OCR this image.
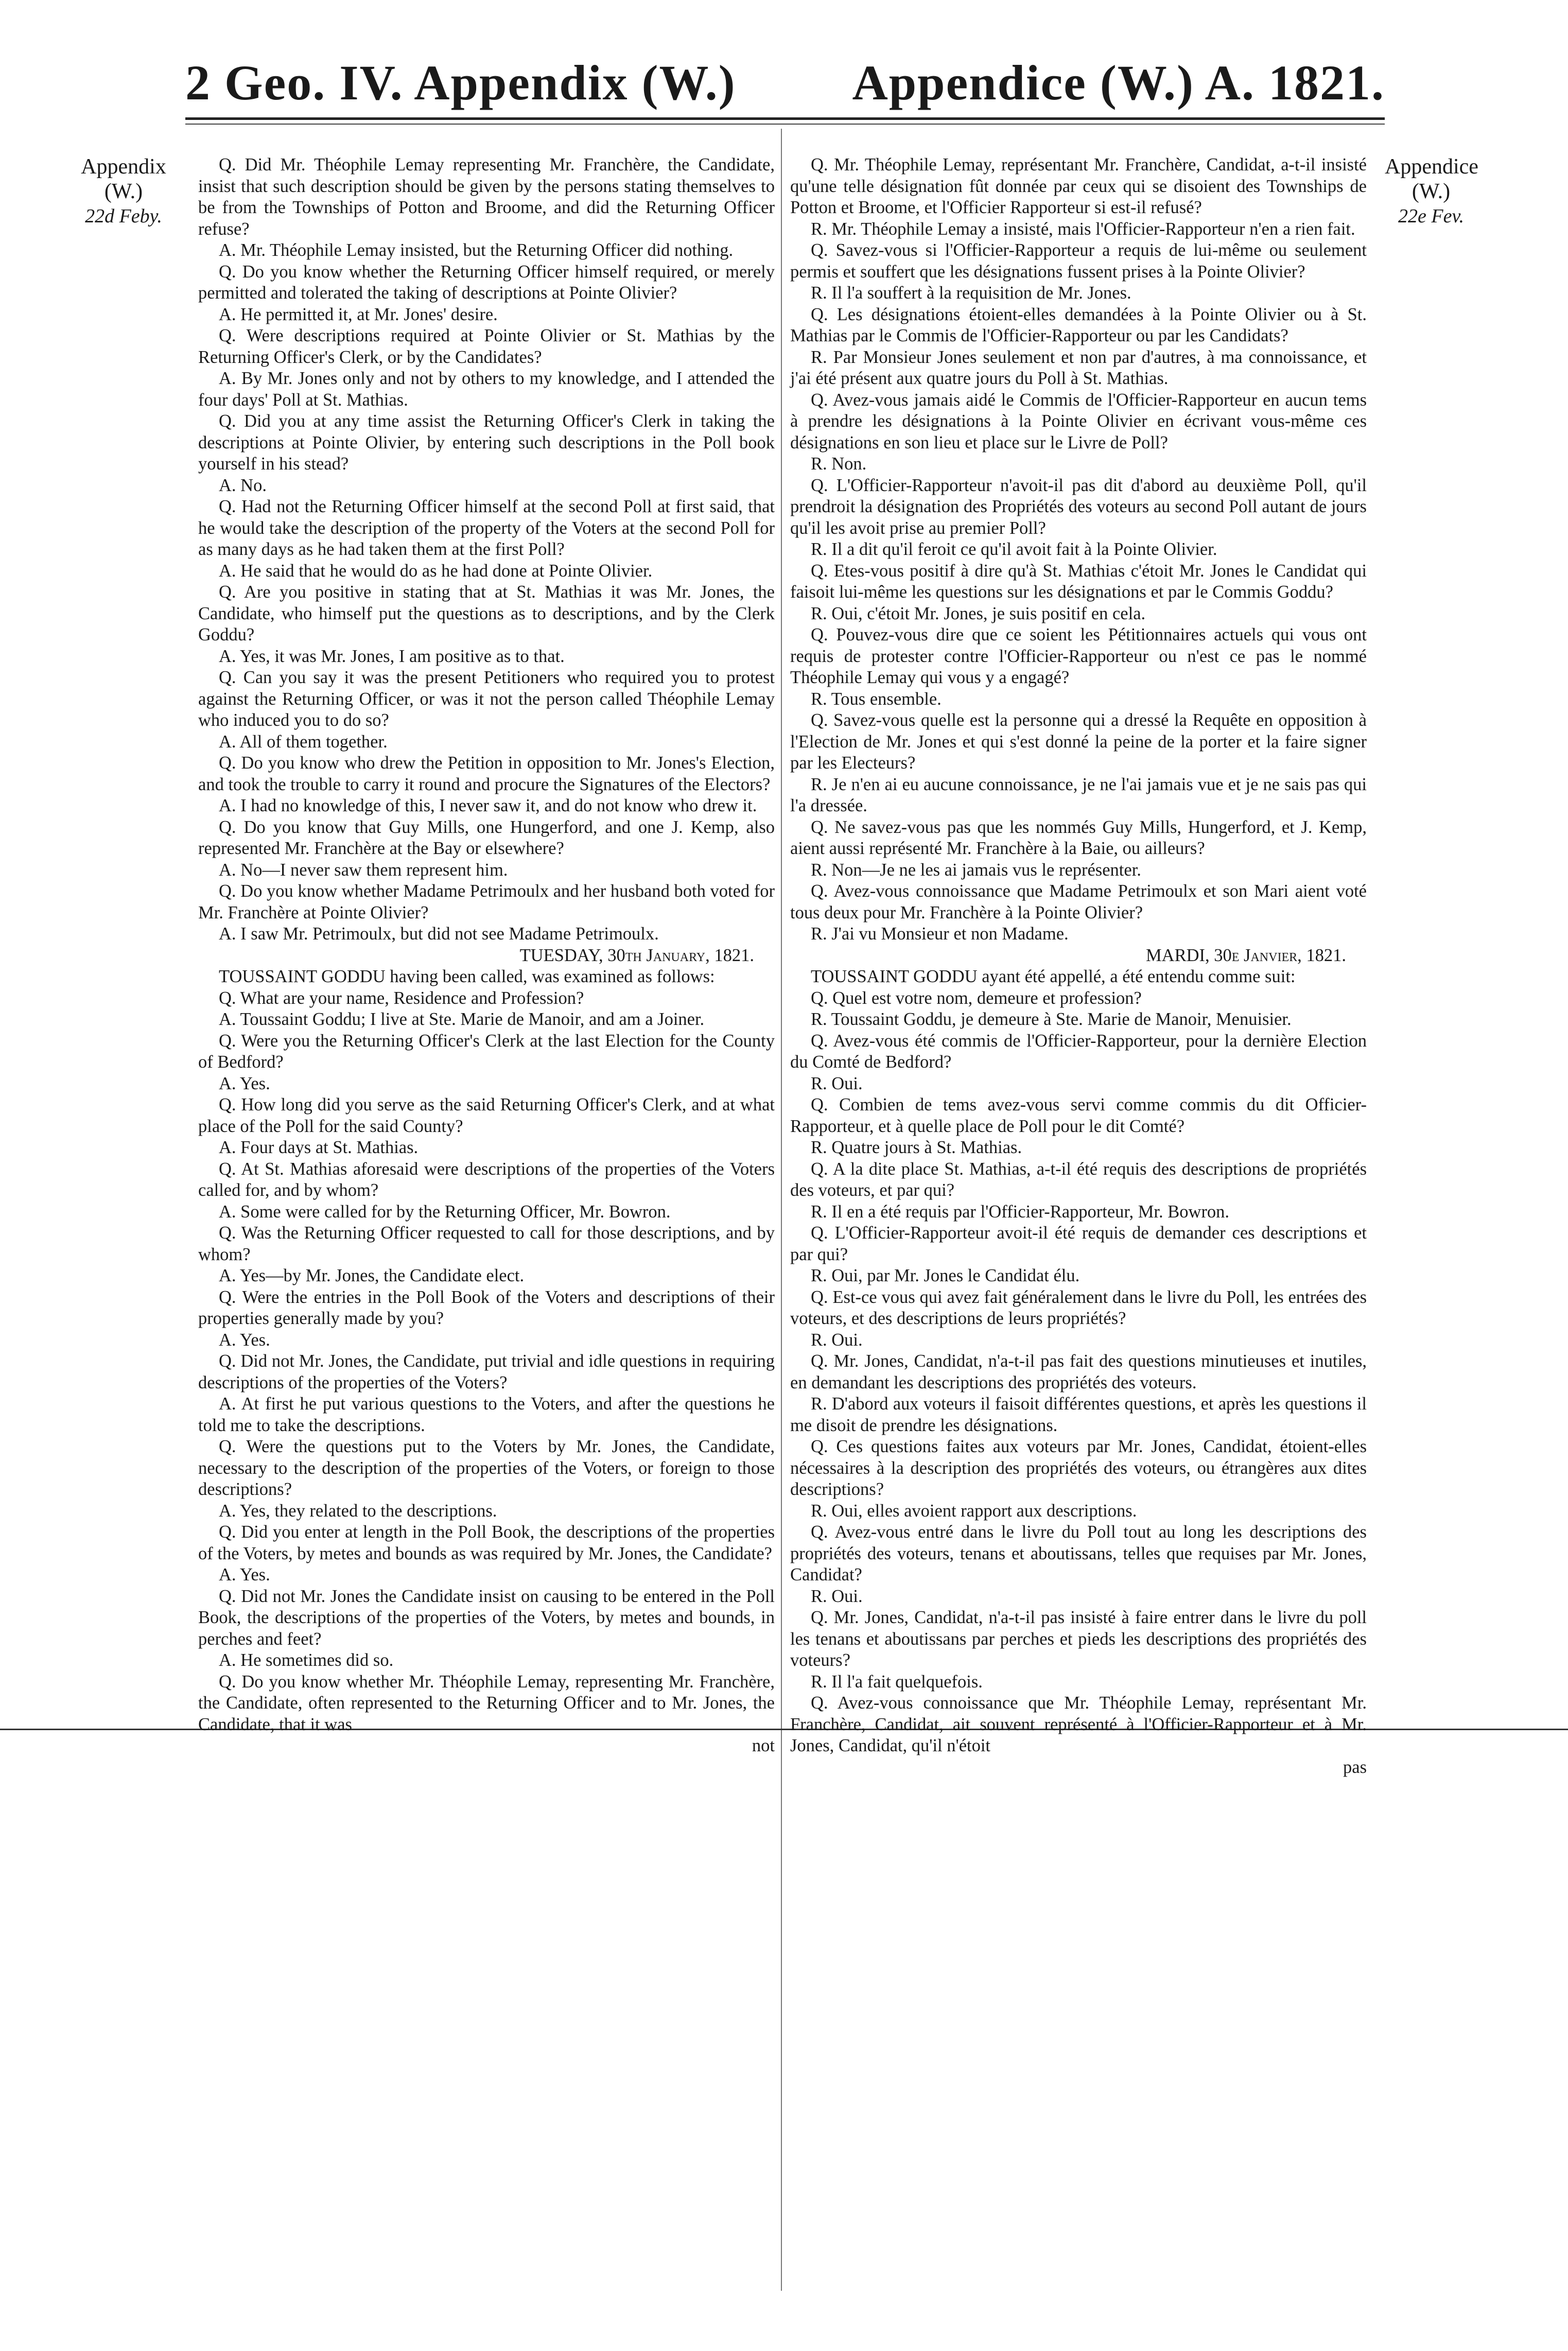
2 Geo. IV. Appendix (W.) Appendice (W.) A. 1821.
Appendix
(W.)
22d Feby.
Appendice
(W.)
22e Fev.

Q. Did Mr. Théophile Lemay representing Mr. Franchère, the Candidate, insist that such description should be given by the persons stating themselves to be from the Townships of Potton and Broome, and did the Returning Officer refuse?

A. Mr. Théophile Lemay insisted, but the Returning Officer did nothing.

Q. Do you know whether the Returning Officer himself required, or merely permitted and tolerated the taking of descriptions at Pointe Olivier?

A. He permitted it, at Mr. Jones' desire.

Q. Were descriptions required at Pointe Olivier or St. Mathias by the Returning Officer's Clerk, or by the Candidates?

A. By Mr. Jones only and not by others to my knowledge, and I attended the four days' Poll at St. Mathias.

Q. Did you at any time assist the Returning Officer's Clerk in taking the descriptions at Pointe Olivier, by entering such descriptions in the Poll book yourself in his stead?

A. No.

Q. Had not the Returning Officer himself at the second Poll at first said, that he would take the description of the property of the Voters at the second Poll for as many days as he had taken them at the first Poll?

A. He said that he would do as he had done at Pointe Olivier.

Q. Are you positive in stating that at St. Mathias it was Mr. Jones, the Candidate, who himself put the questions as to descriptions, and by the Clerk Goddu?

A. Yes, it was Mr. Jones, I am positive as to that.

Q. Can you say it was the present Petitioners who required you to protest against the Returning Officer, or was it not the person called Théophile Lemay who induced you to do so?

A. All of them together.

Q. Do you know who drew the Petition in opposition to Mr. Jones's Election, and took the trouble to carry it round and procure the Signatures of the Electors?

A. I had no knowledge of this, I never saw it, and do not know who drew it.

Q. Do you know that Guy Mills, one Hungerford, and one J. Kemp, also represented Mr. Franchère at the Bay or elsewhere?

A. No—I never saw them represent him.

Q. Do you know whether Madame Petrimoulx and her husband both voted for Mr. Franchère at Pointe Olivier?

A. I saw Mr. Petrimoulx, but did not see Madame Petrimoulx.

TUESDAY, 30th January, 1821.

TOUSSAINT GODDU having been called, was examined as follows:

Q. What are your name, Residence and Profession?

A. Toussaint Goddu; I live at Ste. Marie de Manoir, and am a Joiner.

Q. Were you the Returning Officer's Clerk at the last Election for the County of Bedford?

A. Yes.

Q. How long did you serve as the said Returning Officer's Clerk, and at what place of the Poll for the said County?

A. Four days at St. Mathias.

Q. At St. Mathias aforesaid were descriptions of the properties of the Voters called for, and by whom?

A. Some were called for by the Returning Officer, Mr. Bowron.

Q. Was the Returning Officer requested to call for those descriptions, and by whom?

A. Yes—by Mr. Jones, the Candidate elect.

Q. Were the entries in the Poll Book of the Voters and descriptions of their properties generally made by you?

A. Yes.

Q. Did not Mr. Jones, the Candidate, put trivial and idle questions in requiring descriptions of the properties of the Voters?

A. At first he put various questions to the Voters, and after the questions he told me to take the descriptions.

Q. Were the questions put to the Voters by Mr. Jones, the Candidate, necessary to the description of the properties of the Voters, or foreign to those descriptions?

A. Yes, they related to the descriptions.

Q. Did you enter at length in the Poll Book, the descriptions of the properties of the Voters, by metes and bounds as was required by Mr. Jones, the Candidate?

A. Yes.

Q. Did not Mr. Jones the Candidate insist on causing to be entered in the Poll Book, the descriptions of the properties of the Voters, by metes and bounds, in perches and feet?

A. He sometimes did so.

Q. Do you know whether Mr. Théophile Lemay, representing Mr. Franchère, the Candidate, often represented to the Returning Officer and to Mr. Jones, the Candidate, that it was

not

Q. Mr. Théophile Lemay, représentant Mr. Franchère, Candidat, a-t-il insisté qu'une telle désignation fût donnée par ceux qui se disoient des Townships de Potton et Broome, et l'Officier Rapporteur si est-il refusé?

R. Mr. Théophile Lemay a insisté, mais l'Officier-Rapporteur n'en a rien fait.

Q. Savez-vous si l'Officier-Rapporteur a requis de lui-même ou seulement permis et souffert que les désignations fussent prises à la Pointe Olivier?

R. Il l'a souffert à la requisition de Mr. Jones.

Q. Les désignations étoient-elles demandées à la Pointe Olivier ou à St. Mathias par le Commis de l'Officier-Rapporteur ou par les Candidats?

R. Par Monsieur Jones seulement et non par d'autres, à ma connoissance, et j'ai été présent aux quatre jours du Poll à St. Mathias.

Q. Avez-vous jamais aidé le Commis de l'Officier-Rapporteur en aucun tems à prendre les désignations à la Pointe Olivier en écrivant vous-même ces désignations en son lieu et place sur le Livre de Poll?

R. Non.

Q. L'Officier-Rapporteur n'avoit-il pas dit d'abord au deuxième Poll, qu'il prendroit la désignation des Propriétés des voteurs au second Poll autant de jours qu'il les avoit prise au premier Poll?

R. Il a dit qu'il feroit ce qu'il avoit fait à la Pointe Olivier.

Q. Etes-vous positif à dire qu'à St. Mathias c'étoit Mr. Jones le Candidat qui faisoit lui-même les questions sur les désignations et par le Commis Goddu?

R. Oui, c'étoit Mr. Jones, je suis positif en cela.

Q. Pouvez-vous dire que ce soient les Pétitionnaires actuels qui vous ont requis de protester contre l'Officier-Rapporteur ou n'est ce pas le nommé Théophile Lemay qui vous y a engagé?

R. Tous ensemble.

Q. Savez-vous quelle est la personne qui a dressé la Requête en opposition à l'Election de Mr. Jones et qui s'est donné la peine de la porter et la faire signer par les Electeurs?

R. Je n'en ai eu aucune connoissance, je ne l'ai jamais vue et je ne sais pas qui l'a dressée.

Q. Ne savez-vous pas que les nommés Guy Mills, Hungerford, et J. Kemp, aient aussi représenté Mr. Franchère à la Baie, ou ailleurs?

R. Non—Je ne les ai jamais vus le représenter.

Q. Avez-vous connoissance que Madame Petrimoulx et son Mari aient voté tous deux pour Mr. Franchère à la Pointe Olivier?

R. J'ai vu Monsieur et non Madame.

MARDI, 30e Janvier, 1821.

TOUSSAINT GODDU ayant été appellé, a été entendu comme suit:

Q. Quel est votre nom, demeure et profession?

R. Toussaint Goddu, je demeure à Ste. Marie de Manoir, Menuisier.

Q. Avez-vous été commis de l'Officier-Rapporteur, pour la dernière Election du Comté de Bedford?

R. Oui.

Q. Combien de tems avez-vous servi comme commis du dit Officier-Rapporteur, et à quelle place de Poll pour le dit Comté?

R. Quatre jours à St. Mathias.

Q. A la dite place St. Mathias, a-t-il été requis des descriptions de propriétés des voteurs, et par qui?

R. Il en a été requis par l'Officier-Rapporteur, Mr. Bowron.

Q. L'Officier-Rapporteur avoit-il été requis de demander ces descriptions et par qui?

R. Oui, par Mr. Jones le Candidat élu.

Q. Est-ce vous qui avez fait généralement dans le livre du Poll, les entrées des voteurs, et des descriptions de leurs propriétés?

R. Oui.

Q. Mr. Jones, Candidat, n'a-t-il pas fait des questions minutieuses et inutiles, en demandant les descriptions des propriétés des voteurs.

R. D'abord aux voteurs il faisoit différentes questions, et après les questions il me disoit de prendre les désignations.

Q. Ces questions faites aux voteurs par Mr. Jones, Candidat, étoient-elles nécessaires à la description des propriétés des voteurs, ou étrangères aux dites descriptions?

R. Oui, elles avoient rapport aux descriptions.

Q. Avez-vous entré dans le livre du Poll tout au long les descriptions des propriétés des voteurs, tenans et aboutissans, telles que requises par Mr. Jones, Candidat?

R. Oui.

Q. Mr. Jones, Candidat, n'a-t-il pas insisté à faire entrer dans le livre du poll les tenans et aboutissans par perches et pieds les descriptions des propriétés des voteurs?

R. Il l'a fait quelquefois.

Q. Avez-vous connoissance que Mr. Théophile Lemay, représentant Mr. Franchère, Candidat, ait souvent représenté à l'Officier-Rapporteur et à Mr. Jones, Candidat, qu'il n'étoit

pas
